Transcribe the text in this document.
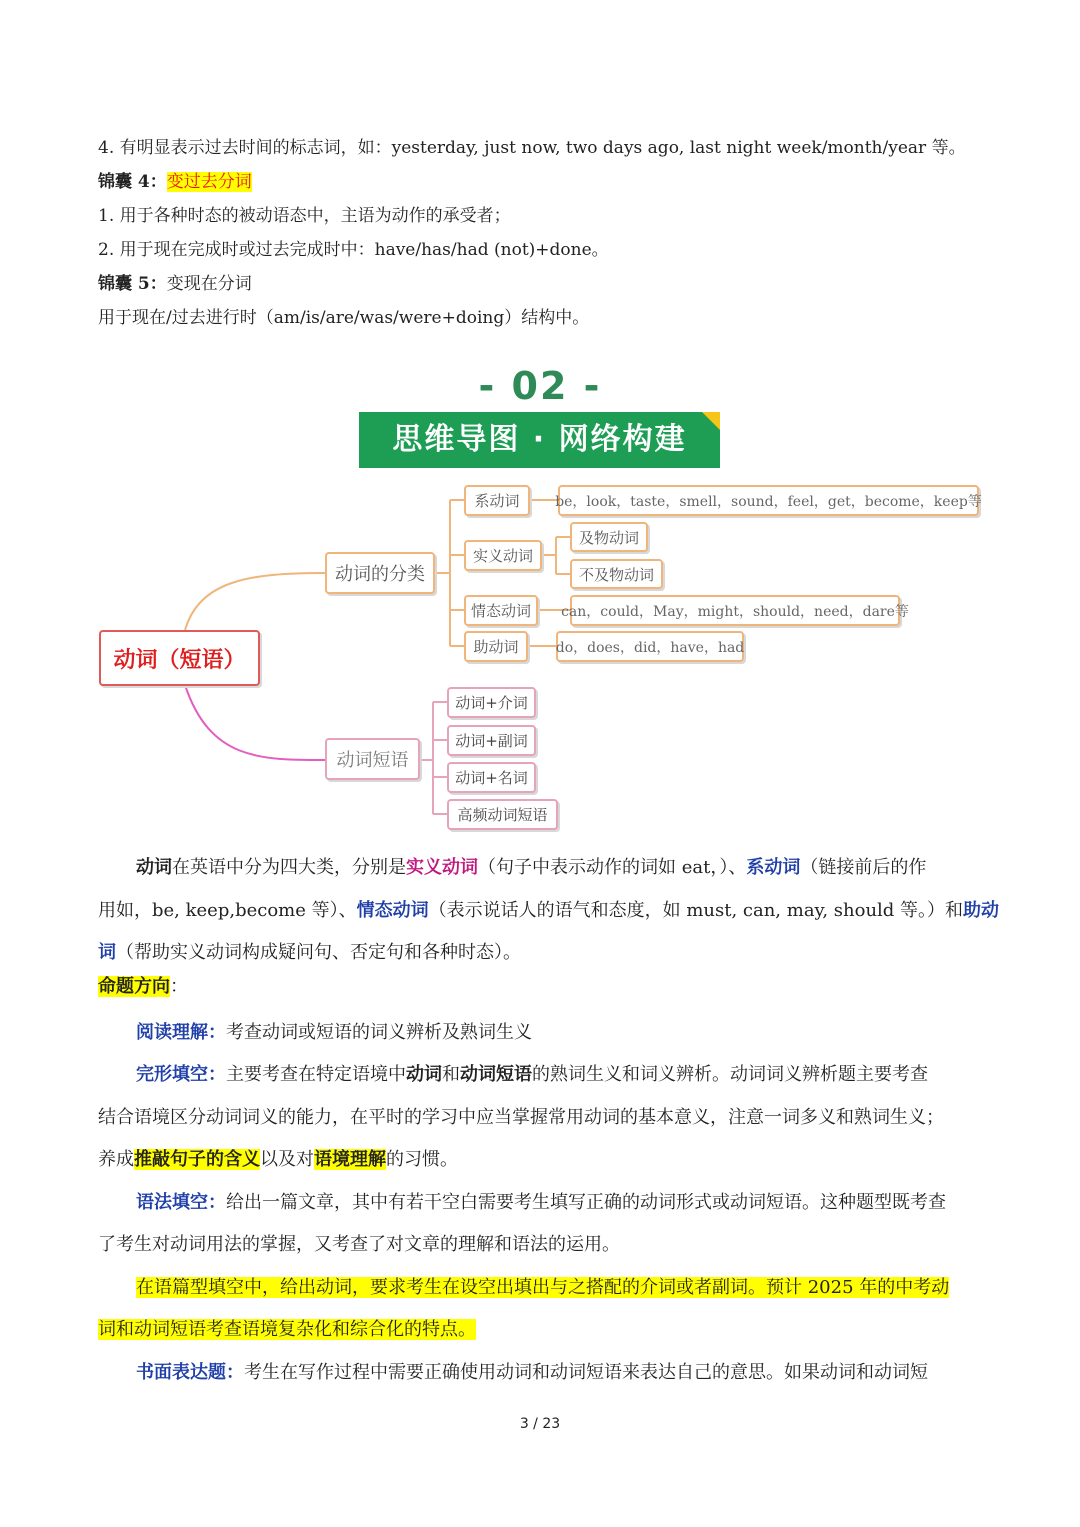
4. 有明显表示过去时间的标志词，如：yesterday, just now, two days ago, last night week/month/year 等。
锦囊 4：变过去分词
1. 用于各种时态的被动语态中，主语为动作的承受者；
2. 用于现在完成时或过去完成时中：have/has/had (not)+done。
锦囊 5：变现在分词
用于现在/过去进行时（am/is/are/was/were+doing）结构中。
- 02 -
思维导图 · 网络构建
动词（短语）
动词的分类
动词短语
系动词	be，look，taste，smell，sound，feel，get，become，keep等
实义动词
及物动词
不及物动词
情态动词	can，could，May，might，should，need，dare等
助动词	do，does，did，have，had
动词+介词
动词+副词
动词+名词
高频动词短语
动词在英语中分为四大类，分别是实义动词（句子中表示动作的词如 eat，）、系动词（链接前后的作
用如，be, keep,become 等）、情态动词（表示说话人的语气和态度，如 must, can, may, should 等。）和助动
词（帮助实义动词构成疑问句、否定句和各种时态）。
命题方向：
阅读理解：考查动词或短语的词义辨析及熟词生义
完形填空：主要考查在特定语境中动词和动词短语的熟词生义和词义辨析。动词词义辨析题主要考查
结合语境区分动词词义的能力，在平时的学习中应当掌握常用动词的基本意义，注意一词多义和熟词生义；
养成推敲句子的含义以及对语境理解的习惯。
语法填空：给出一篇文章，其中有若干空白需要考生填写正确的动词形式或动词短语。这种题型既考查
了考生对动词用法的掌握，又考查了对文章的理解和语法的运用。
在语篇型填空中，给出动词，要求考生在设空出填出与之搭配的介词或者副词。预计 2025 年的中考动
词和动词短语考查语境复杂化和综合化的特点。
书面表达题：考生在写作过程中需要正确使用动词和动词短语来表达自己的意思。如果动词和动词短
3 / 23
